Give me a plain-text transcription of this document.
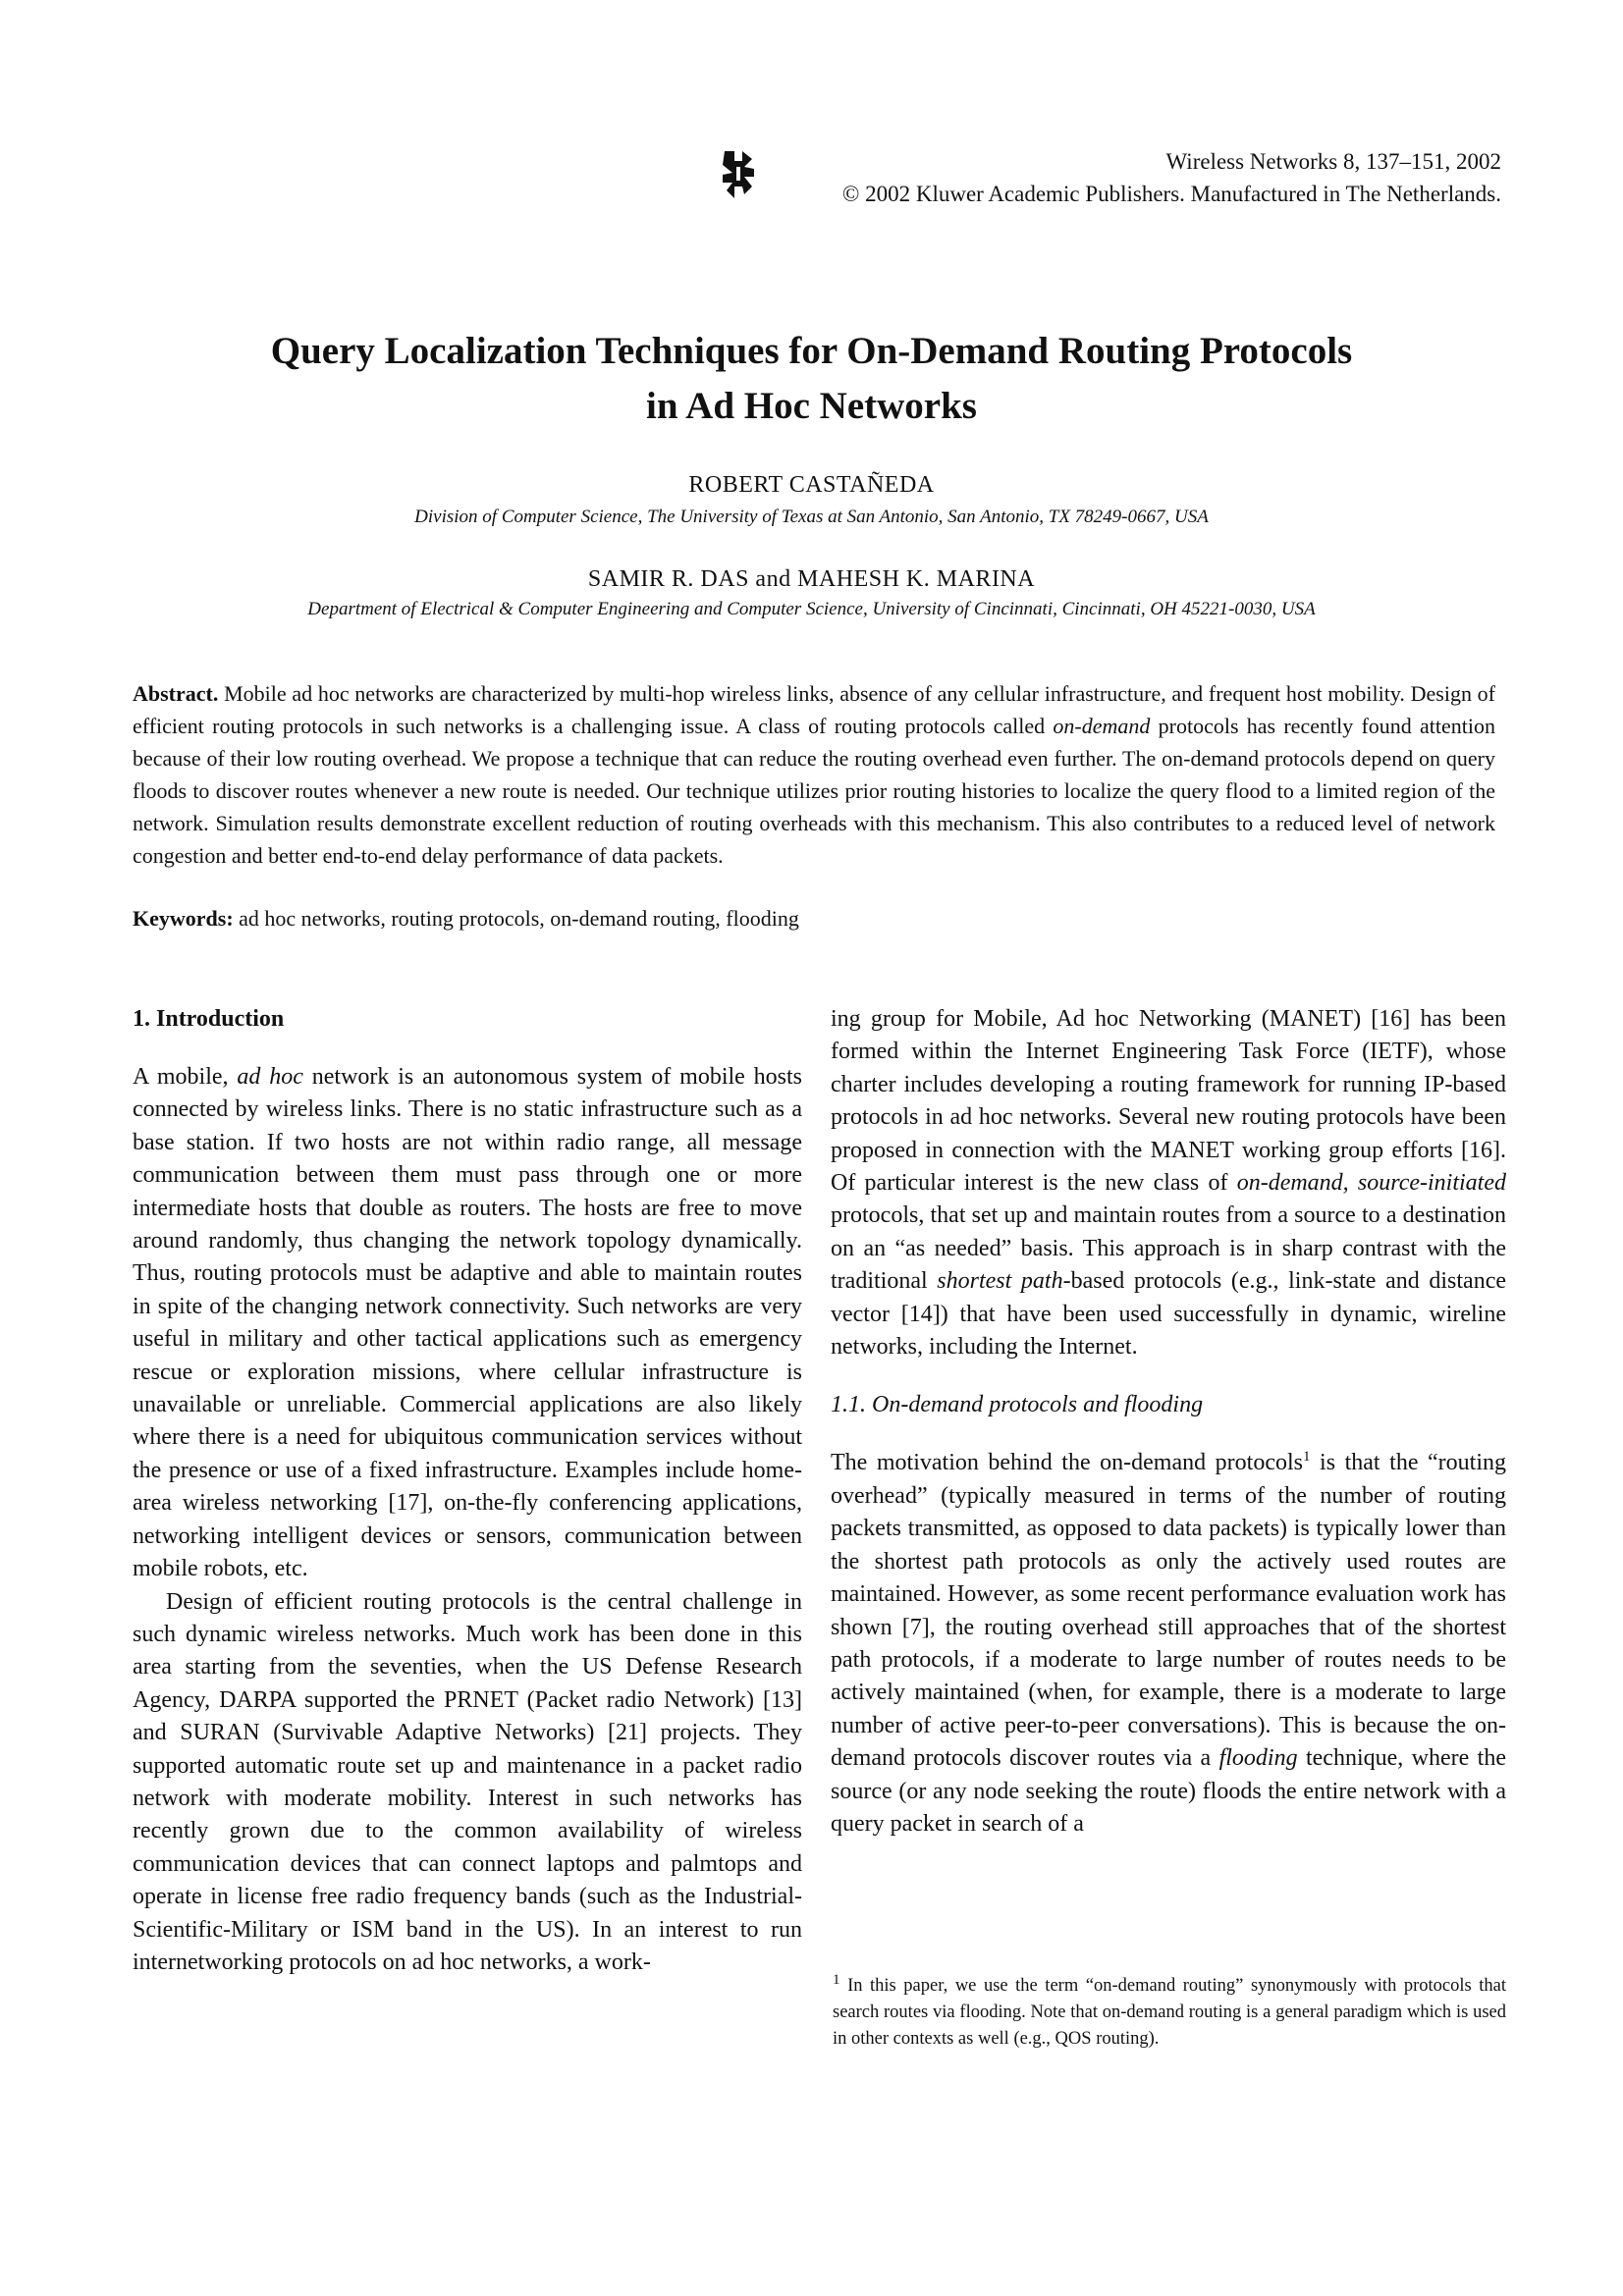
Wireless Networks 8, 137–151, 2002
© 2002 Kluwer Academic Publishers. Manufactured in The Netherlands.
Query Localization Techniques for On-Demand Routing Protocols
in Ad Hoc Networks
ROBERT CASTAÑEDA
Division of Computer Science, The University of Texas at San Antonio, San Antonio, TX 78249-0667, USA
SAMIR R. DAS and MAHESH K. MARINA
Department of Electrical & Computer Engineering and Computer Science, University of Cincinnati, Cincinnati, OH 45221-0030, USA
Abstract. Mobile ad hoc networks are characterized by multi-hop wireless links, absence of any cellular infrastructure, and frequent host mobility. Design of efficient routing protocols in such networks is a challenging issue. A class of routing protocols called on-demand protocols has recently found attention because of their low routing overhead. We propose a technique that can reduce the routing overhead even further. The on-demand protocols depend on query floods to discover routes whenever a new route is needed. Our technique utilizes prior routing histories to localize the query flood to a limited region of the network. Simulation results demonstrate excellent reduction of routing overheads with this mechanism. This also contributes to a reduced level of network congestion and better end-to-end delay performance of data packets.
Keywords: ad hoc networks, routing protocols, on-demand routing, flooding
1. Introduction

A mobile, ad hoc network is an autonomous system of mobile hosts connected by wireless links. There is no static infrastructure such as a base station. If two hosts are not within radio range, all message communication between them must pass through one or more intermediate hosts that double as routers. The hosts are free to move around randomly, thus changing the network topology dynamically. Thus, routing protocols must be adaptive and able to maintain routes in spite of the changing network connectivity. Such networks are very useful in military and other tactical applications such as emergency rescue or exploration missions, where cellular infrastructure is unavailable or unreliable. Commercial applications are also likely where there is a need for ubiquitous communication services without the presence or use of a fixed infrastructure. Examples include home-area wireless networking [17], on-the-fly conferencing applications, networking intelligent devices or sensors, communication between mobile robots, etc.

Design of efficient routing protocols is the central challenge in such dynamic wireless networks. Much work has been done in this area starting from the seventies, when the US Defense Research Agency, DARPA supported the PRNET (Packet radio Network) [13] and SURAN (Survivable Adaptive Networks) [21] projects. They supported automatic route set up and maintenance in a packet radio network with moderate mobility. Interest in such networks has recently grown due to the common availability of wireless communication devices that can connect laptops and palmtops and operate in license free radio frequency bands (such as the Industrial-Scientific-Military or ISM band in the US). In an interest to run internetworking protocols on ad hoc networks, a work-

ing group for Mobile, Ad hoc Networking (MANET) [16] has been formed within the Internet Engineering Task Force (IETF), whose charter includes developing a routing framework for running IP-based protocols in ad hoc networks. Several new routing protocols have been proposed in connection with the MANET working group efforts [16]. Of particular interest is the new class of on-demand, source-initiated protocols, that set up and maintain routes from a source to a destination on an “as needed” basis. This approach is in sharp contrast with the traditional shortest path-based protocols (e.g., link-state and distance vector [14]) that have been used successfully in dynamic, wireline networks, including the Internet.

1.1. On-demand protocols and flooding

The motivation behind the on-demand protocols$^1$ is that the “routing overhead” (typically measured in terms of the number of routing packets transmitted, as opposed to data packets) is typically lower than the shortest path protocols as only the actively used routes are maintained. However, as some recent performance evaluation work has shown [7], the routing overhead still approaches that of the shortest path protocols, if a moderate to large number of routes needs to be actively maintained (when, for example, there is a moderate to large number of active peer-to-peer conversations). This is because the on-demand protocols discover routes via a flooding technique, where the source (or any node seeking the route) floods the entire network with a query packet in search of a

$^1$ In this paper, we use the term “on-demand routing” synonymously with protocols that search routes via flooding. Note that on-demand routing is a general paradigm which is used in other contexts as well (e.g., QOS routing).
